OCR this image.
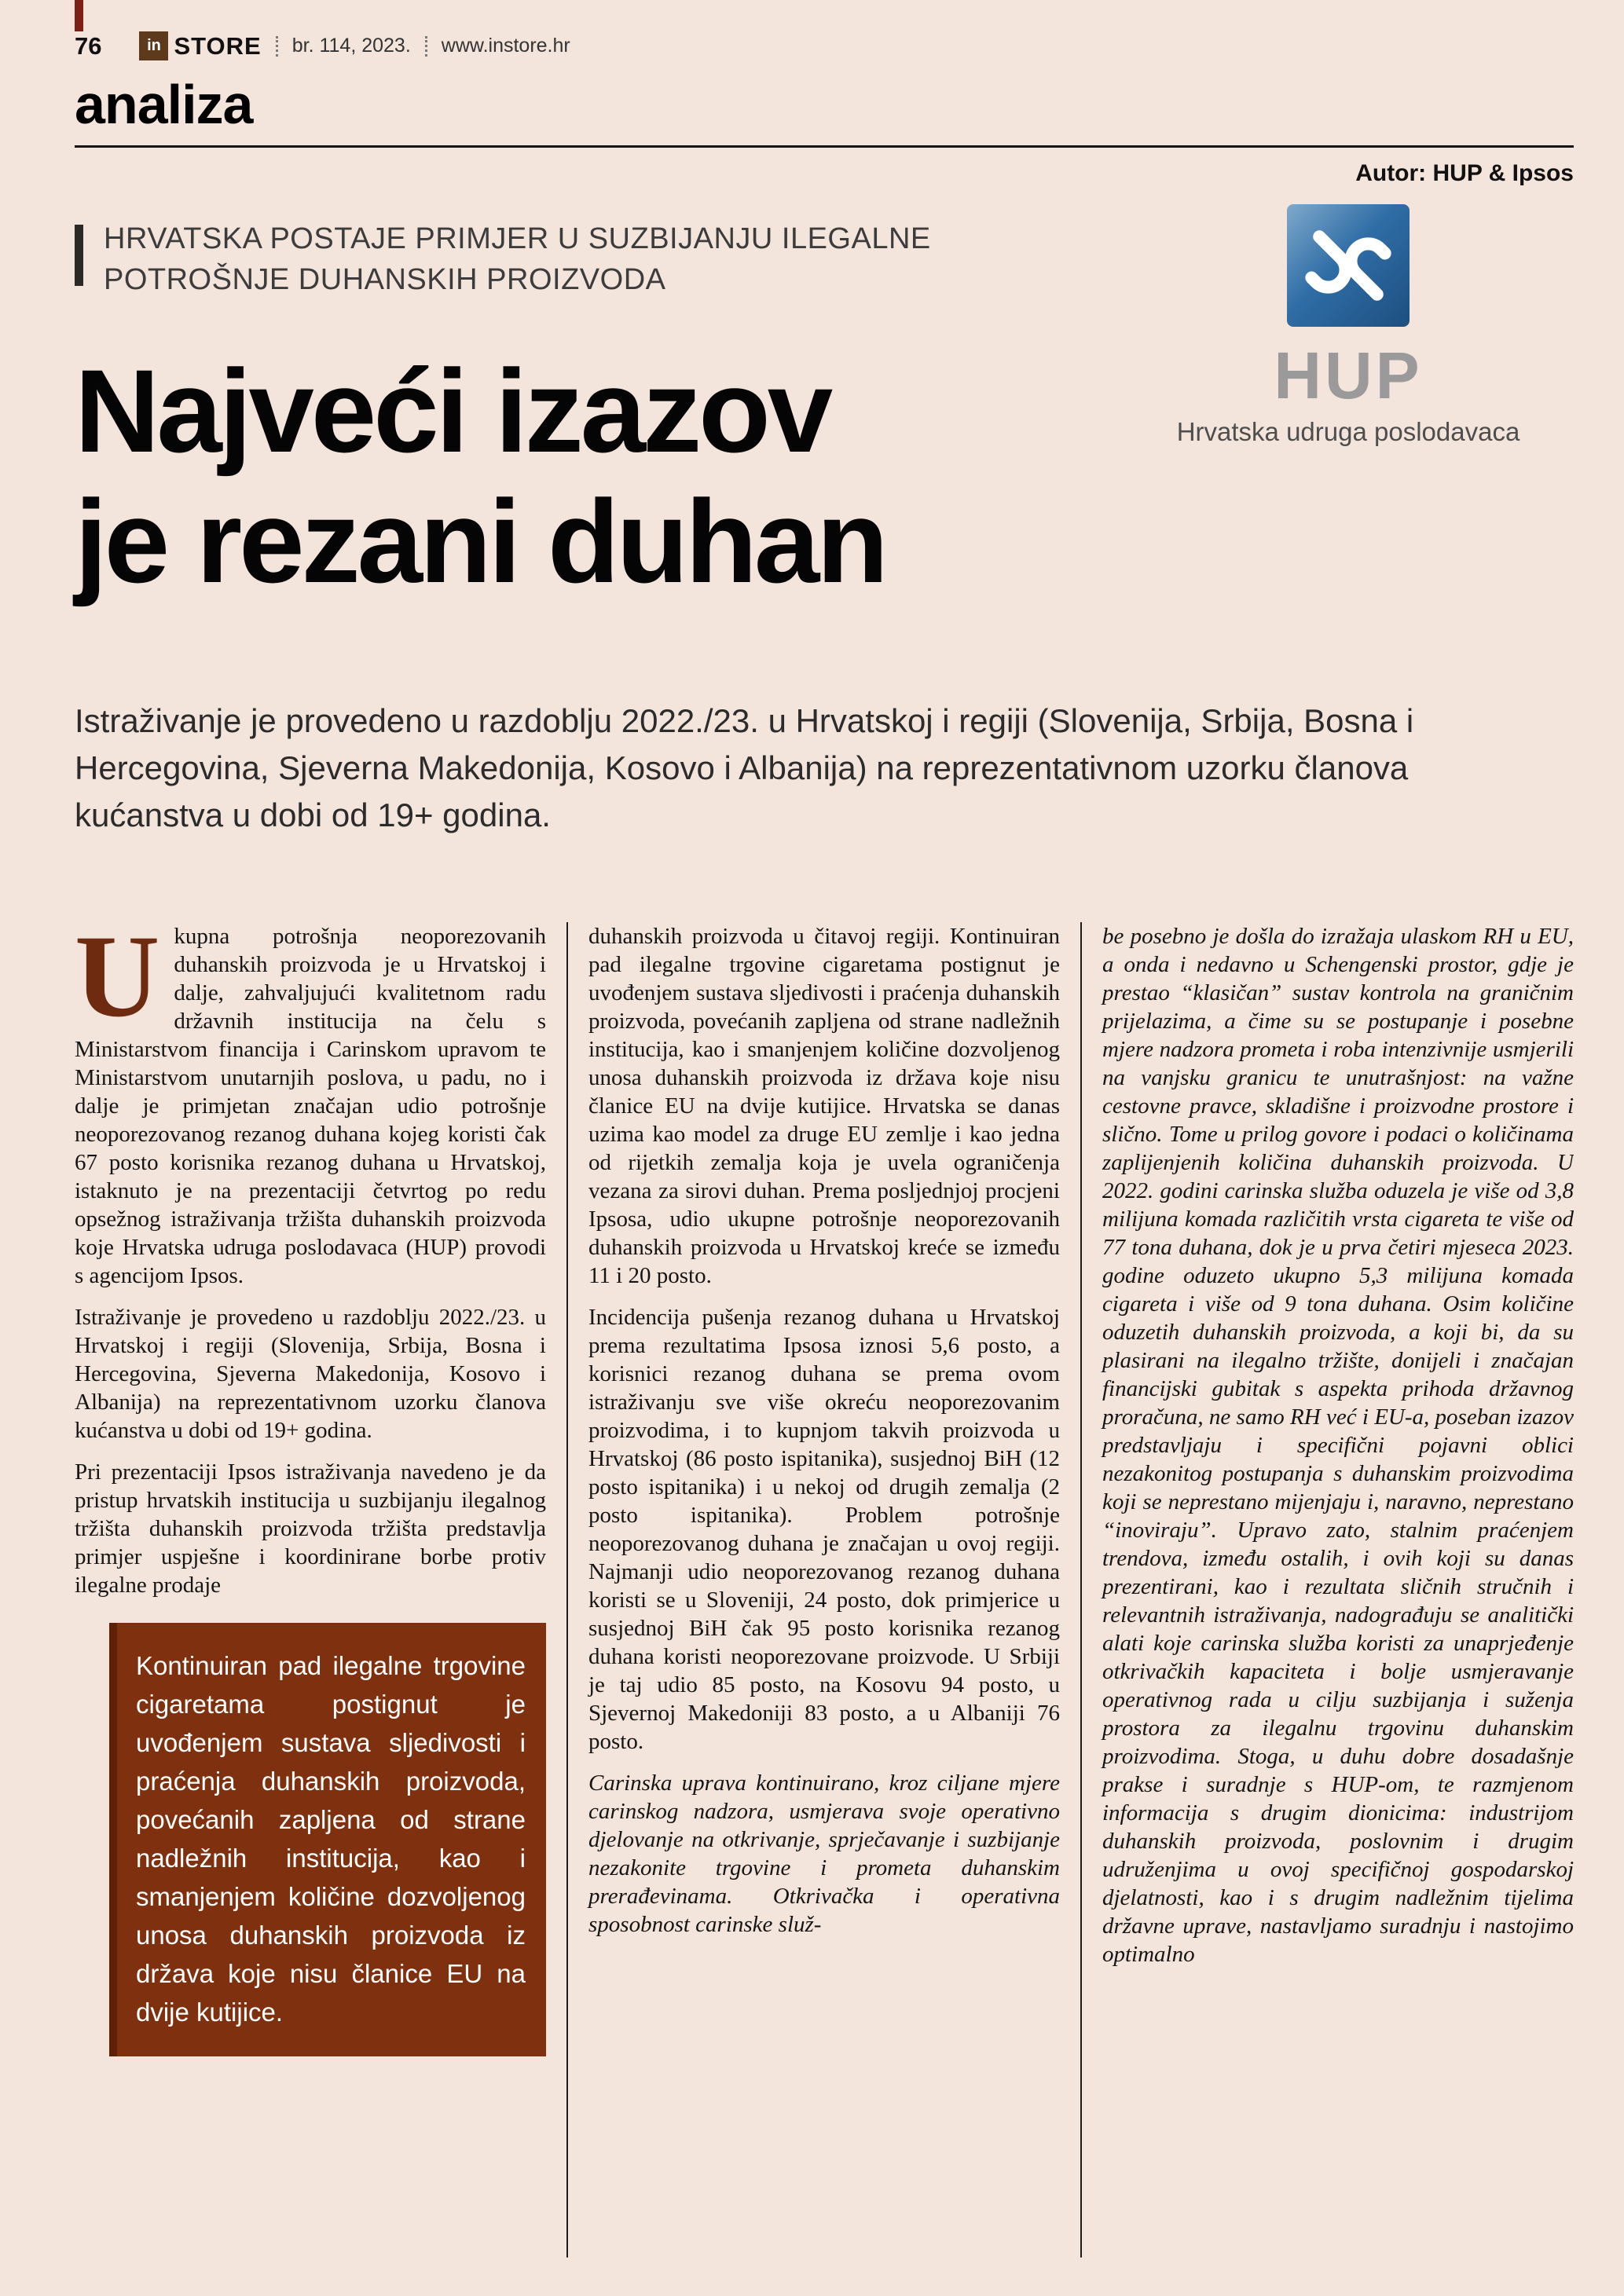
76	in STORE br. 114, 2023. www.instore.hr
analiza
Autor: HUP & Ipsos
HRVATSKA POSTAJE PRIMJER U SUZBIJANJU ILEGALNE
POTROŠNJE DUHANSKIH PROIZVODA
Najveći izazov
je rezani duhan
HUP
Hrvatska udruga poslodavaca

Istraživanje je provedeno u razdoblju 2022./23. u Hrvatskoj i regiji (Slovenija, Srbija, Bosna i Hercegovina, Sjeverna Makedonija, Kosovo i Albanija) na reprezentativnom uzorku članova kućanstva u dobi od 19+ godina.

U kupna potrošnja neoporezovanih duhanskih proizvoda je u Hrvatskoj i dalje, zahvaljujući kvalitetnom radu državnih institucija na čelu s Ministarstvom financija i Carinskom upravom te Ministarstvom unutarnjih poslova, u padu, no i dalje je primjetan značajan udio potrošnje neoporezovanog rezanog duhana kojeg koristi čak 67 posto korisnika rezanog duhana u Hrvatskoj, istaknuto je na prezentaciji četvrtog po redu opsežnog istraživanja tržišta duhanskih proizvoda koje Hrvatska udruga poslodavaca (HUP) provodi s agencijom Ipsos.

Istraživanje je provedeno u razdoblju 2022./23. u Hrvatskoj i regiji (Slovenija, Srbija, Bosna i Hercegovina, Sjeverna Makedonija, Kosovo i Albanija) na reprezentativnom uzorku članova kućanstva u dobi od 19+ godina.

Pri prezentaciji Ipsos istraživanja navedeno je da pristup hrvatskih institucija u suzbijanju ilegalnog tržišta duhanskih proizvoda tržišta predstavlja primjer uspješne i koordinirane borbe protiv ilegalne prodaje

Kontinuiran pad ilegalne trgovine cigaretama postignut je uvođenjem sustava sljedivosti i praćenja duhanskih proizvoda, povećanih zapljena od strane nadležnih institucija, kao i smanjenjem količine dozvoljenog unosa duhanskih proizvoda iz država koje nisu članice EU na dvije kutijice.

duhanskih proizvoda u čitavoj regiji. Kontinuiran pad ilegalne trgovine cigaretama postignut je uvođenjem sustava sljedivosti i praćenja duhanskih proizvoda, povećanih zapljena od strane nadležnih institucija, kao i smanjenjem količine dozvoljenog unosa duhanskih proizvoda iz država koje nisu članice EU na dvije kutijice. Hrvatska se danas uzima kao model za druge EU zemlje i kao jedna od rijetkih zemalja koja je uvela ograničenja vezana za sirovi duhan. Prema posljednjoj procjeni Ipsosa, udio ukupne potrošnje neoporezovanih duhanskih proizvoda u Hrvatskoj kreće se između 11 i 20 posto.

Incidencija pušenja rezanog duhana u Hrvatskoj prema rezultatima Ipsosa iznosi 5,6 posto, a korisnici rezanog duhana se prema ovom istraživanju sve više okreću neoporezovanim proizvodima, i to kupnjom takvih proizvoda u Hrvatskoj (86 posto ispitanika), susjednoj BiH (12 posto ispitanika) i u nekoj od drugih zemalja (2 posto ispitanika). Problem potrošnje neoporezovanog duhana je značajan u ovoj regiji. Najmanji udio neoporezovanog rezanog duhana koristi se u Sloveniji, 24 posto, dok primjerice u susjednoj BiH čak 95 posto korisnika rezanog duhana koristi neoporezovane proizvode. U Srbiji je taj udio 85 posto, na Kosovu 94 posto, u Sjevernoj Makedoniji 83 posto, a u Albaniji 76 posto.

Carinska uprava kontinuirano, kroz ciljane mjere carinskog nadzora, usmjerava svoje operativno djelovanje na otkrivanje, sprječavanje i suzbijanje nezakonite trgovine i prometa duhanskim prerađevinama. Otkrivačka i operativna sposobnost carinske služ-

be posebno je došla do izražaja ulaskom RH u EU, a onda i nedavno u Schengenski prostor, gdje je prestao “klasičan” sustav kontrola na graničnim prijelazima, a čime su se postupanje i posebne mjere nadzora prometa i roba intenzivnije usmjerili na vanjsku granicu te unutrašnjost: na važne cestovne pravce, skladišne i proizvodne prostore i slično. Tome u prilog govore i podaci o količinama zaplijenjenih količina duhanskih proizvoda. U 2022. godini carinska služba oduzela je više od 3,8 milijuna komada različitih vrsta cigareta te više od 77 tona duhana, dok je u prva četiri mjeseca 2023. godine oduzeto ukupno 5,3 milijuna komada cigareta i više od 9 tona duhana. Osim količine oduzetih duhanskih proizvoda, a koji bi, da su plasirani na ilegalno tržište, donijeli i značajan financijski gubitak s aspekta prihoda državnog proračuna, ne samo RH već i EU-a, poseban izazov predstavljaju i specifični pojavni oblici nezakonitog postupanja s duhanskim proizvodima koji se neprestano mijenjaju i, naravno, neprestano “inoviraju”. Upravo zato, stalnim praćenjem trendova, između ostalih, i ovih koji su danas prezentirani, kao i rezultata sličnih stručnih i relevantnih istraživanja, nadograđuju se analitički alati koje carinska služba koristi za unaprjeđenje otkrivačkih kapaciteta i bolje usmjeravanje operativnog rada u cilju suzbijanja i suženja prostora za ilegalnu trgovinu duhanskim proizvodima. Stoga, u duhu dobre dosadašnje prakse i suradnje s HUP-om, te razmjenom informacija s drugim dionicima: industrijom duhanskih proizvoda, poslovnim i drugim udruženjima u ovoj specifičnoj gospodarskoj djelatnosti, kao i s drugim nadležnim tijelima državne uprave, nastavljamo suradnju i nastojimo optimalno
